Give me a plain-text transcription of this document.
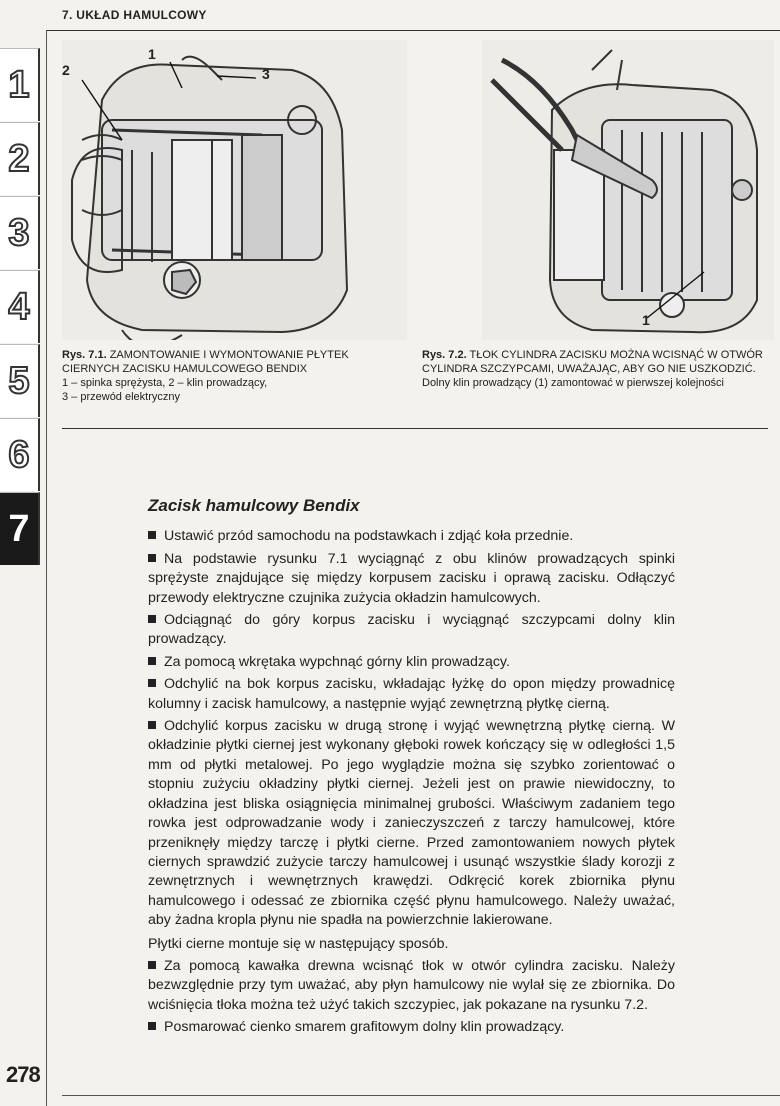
7. UKŁAD HAMULCOWY
1
2
3
4
5
6
7
1
2	3
1
Rys. 7.1. ZAMONTOWANIE I WYMONTOWANIE PŁYTEK CIERNYCH ZACISKU HAMULCOWEGO BENDIX
1 – spinka sprężysta, 2 – klin prowadzący,
3 – przewód elektryczny
Rys. 7.2. TŁOK CYLINDRA ZACISKU MOŻNA WCISNĄĆ W OTWÓR CYLINDRA SZCZYPCAMI, UWAŻAJĄC, ABY GO NIE USZKODZIĆ. Dolny klin prowadzący (1) zamontować w pierwszej kolejności
Zacisk hamulcowy Bendix

Ustawić przód samochodu na podstawkach i zdjąć koła przednie.

Na podstawie rysunku 7.1 wyciągnąć z obu klinów prowadzących spinki sprężyste znajdujące się między korpusem zacisku i oprawą zacisku. Odłączyć przewody elektryczne czujnika zużycia okładzin hamulcowych.

Odciągnąć do góry korpus zacisku i wyciągnąć szczypcami dolny klin prowadzący.

Za pomocą wkrętaka wypchnąć górny klin prowadzący.

Odchylić na bok korpus zacisku, wkładając łyżkę do opon między prowadnicę kolumny i zacisk hamulcowy, a następnie wyjąć zewnętrzną płytkę cierną.

Odchylić korpus zacisku w drugą stronę i wyjąć wewnętrzną płytkę cierną. W okładzinie płytki ciernej jest wykonany głęboki rowek kończący się w odległości 1,5 mm od płytki metalowej. Po jego wyglądzie można się szybko zorientować o stopniu zużyciu okładziny płytki ciernej. Jeżeli jest on prawie niewidoczny, to okładzina jest bliska osiągnięcia minimalnej grubości. Właściwym zadaniem tego rowka jest odprowadzanie wody i zanieczyszczeń z tarczy hamulcowej, które przeniknęły między tarczę i płytki cierne. Przed zamontowaniem nowych płytek ciernych sprawdzić zużycie tarczy hamulcowej i usunąć wszystkie ślady korozji z zewnętrznych i wewnętrznych krawędzi. Odkręcić korek zbiornika płynu hamulcowego i odessać ze zbiornika część płynu hamulcowego. Należy uważać, aby żadna kropla płynu nie spadła na powierzchnie lakierowane.

Płytki cierne montuje się w następujący sposób.

Za pomocą kawałka drewna wcisnąć tłok w otwór cylindra zacisku. Należy bezwzględnie przy tym uważać, aby płyn hamulcowy nie wylał się ze zbiornika. Do wciśnięcia tłoka można też użyć takich szczypiec, jak pokazane na rysunku 7.2.

Posmarować cienko smarem grafitowym dolny klin prowadzący.

278
